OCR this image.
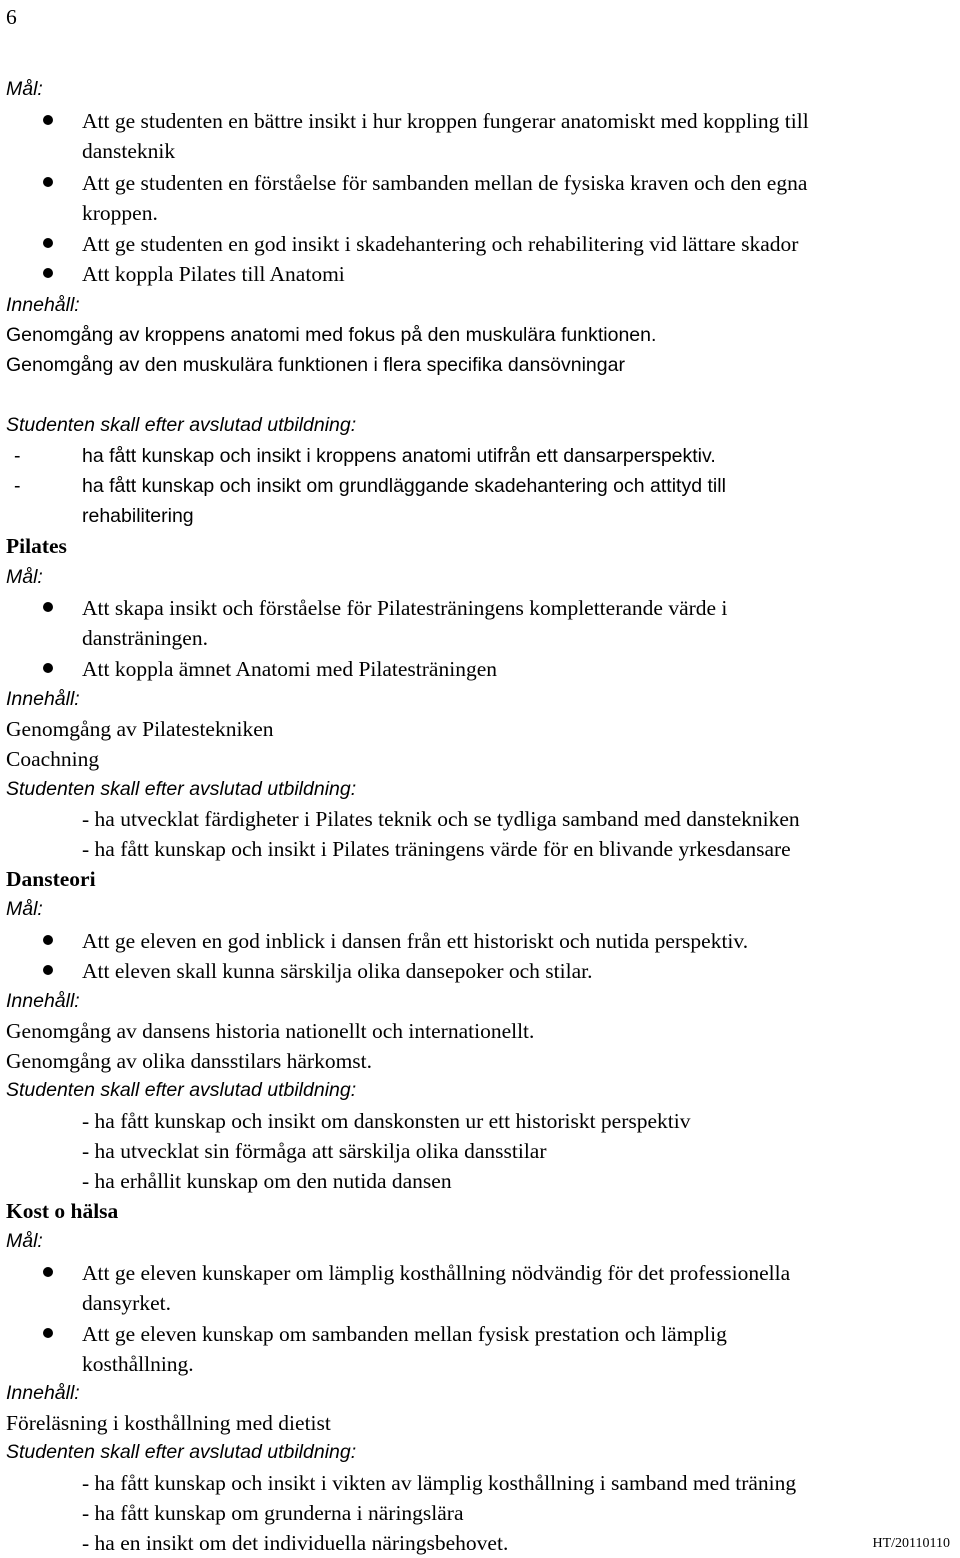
6
Mål:
Att ge studenten en bättre insikt i hur kroppen fungerar anatomiskt med koppling till
dansteknik
Att ge studenten en förståelse för sambanden mellan de fysiska kraven och den egna
kroppen.
Att ge studenten en god insikt i skadehantering och rehabilitering vid lättare skador
Att koppla Pilates till Anatomi
Innehåll:
Genomgång av kroppens anatomi med fokus på den muskulära funktionen.
Genomgång av den muskulära funktionen i flera specifika dansövningar
Studenten skall efter avslutad utbildning:
-	ha fått kunskap och insikt i kroppens anatomi utifrån ett dansarperspektiv.
-	ha fått kunskap och insikt om grundläggande skadehantering och attityd till
rehabilitering
Pilates
Mål:
Att skapa insikt och förståelse för Pilatesträningens kompletterande värde i
dansträningen.
Att koppla ämnet Anatomi med Pilatesträningen
Innehåll:
Genomgång av Pilatestekniken
Coachning
Studenten skall efter avslutad utbildning:
- ha utvecklat färdigheter i Pilates teknik och se tydliga samband med danstekniken
- ha fått kunskap och insikt i Pilates träningens värde för en blivande yrkesdansare
Dansteori
Mål:
Att ge eleven en god inblick i dansen från ett historiskt och nutida perspektiv.
Att eleven skall kunna särskilja olika dansepoker och stilar.
Innehåll:
Genomgång av dansens historia nationellt och internationellt.
Genomgång av olika dansstilars härkomst.
Studenten skall efter avslutad utbildning:
- ha fått kunskap och insikt om danskonsten ur ett historiskt perspektiv
- ha utvecklat sin förmåga att särskilja olika dansstilar
- ha erhållit kunskap om den nutida dansen
Kost o hälsa
Mål:
Att ge eleven kunskaper om lämplig kosthållning nödvändig för det professionella
dansyrket.
Att ge eleven kunskap om sambanden mellan fysisk prestation och lämplig
kosthållning.
Innehåll:
Föreläsning i kosthållning med dietist
Studenten skall efter avslutad utbildning:
- ha fått kunskap och insikt i vikten av lämplig kosthållning i samband med träning
- ha fått kunskap om grunderna i näringslära
- ha en insikt om det individuella näringsbehovet.	HT/20110110
